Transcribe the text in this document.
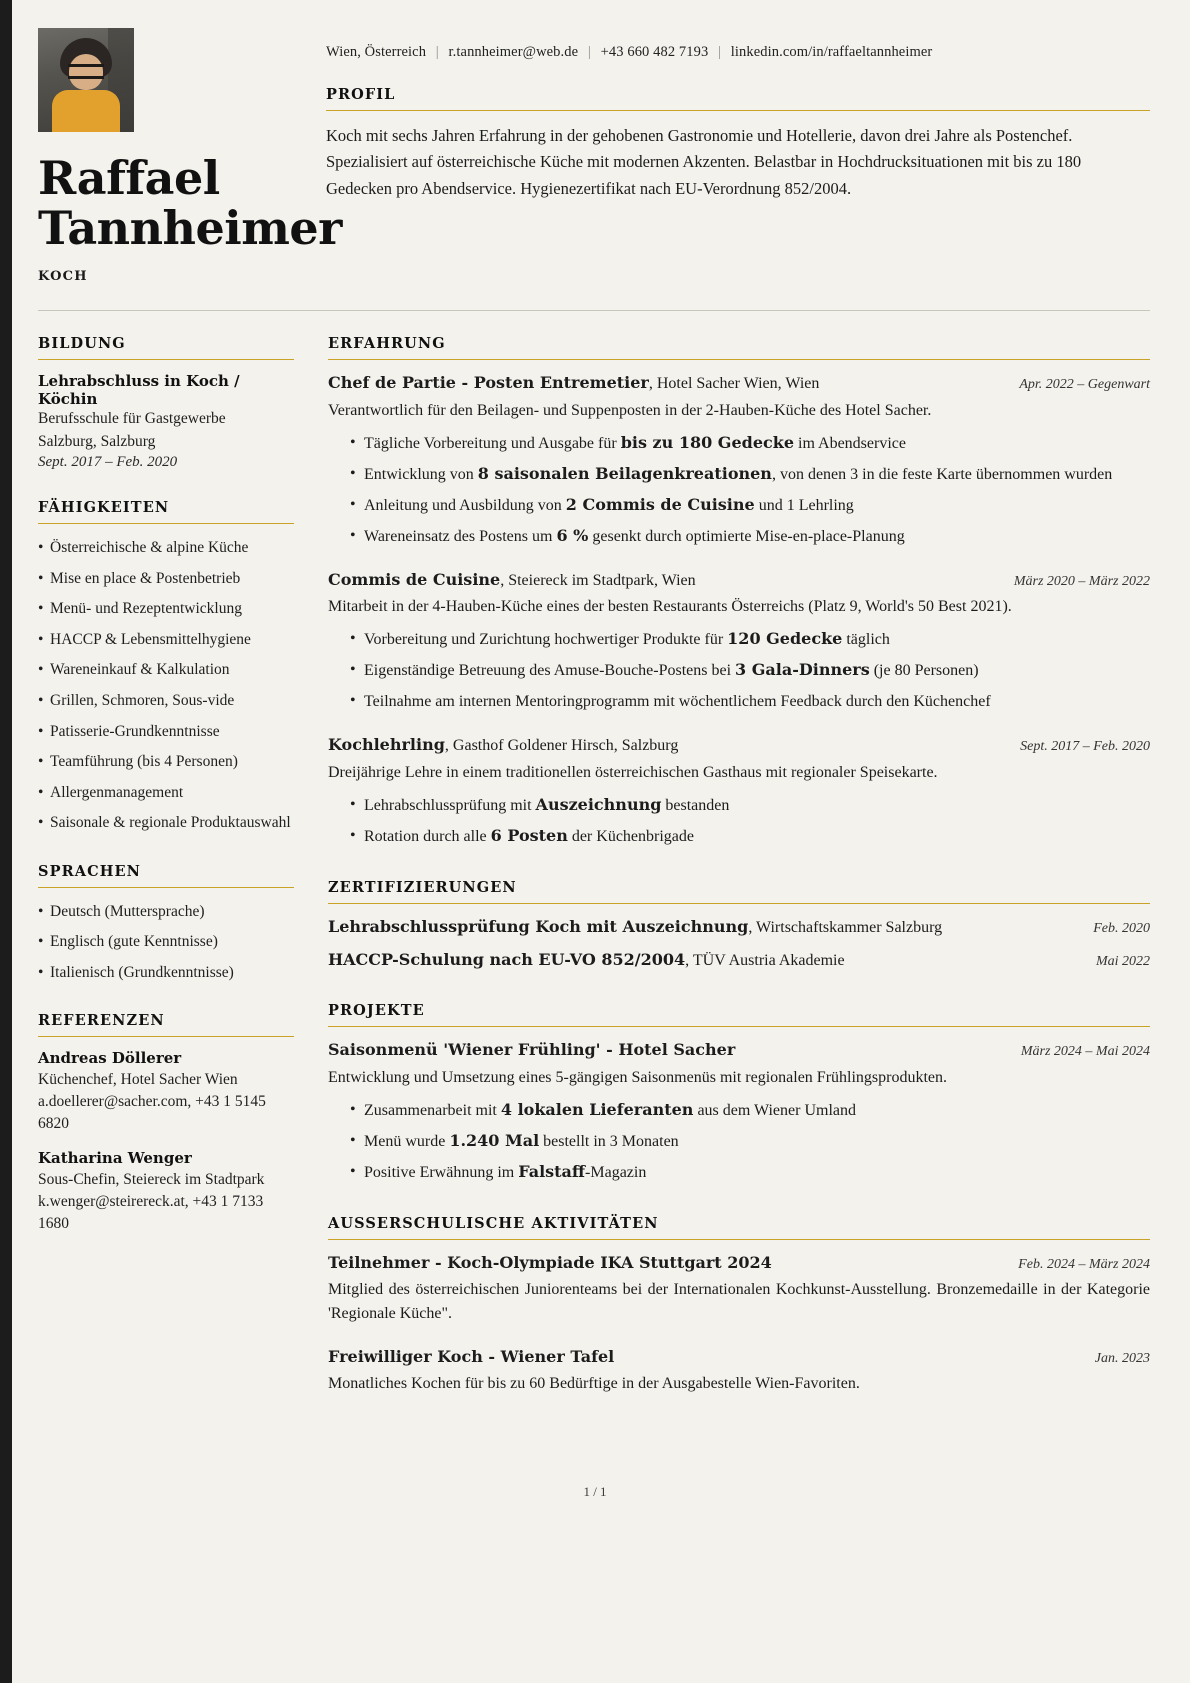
Raffael
Tannheimer
KOCH
Wien, Österreich | r.tannheimer@web.de | +43 660 482 7193 | linkedin.com/in/raffaeltannheimer
PROFIL
Koch mit sechs Jahren Erfahrung in der gehobenen Gastronomie und Hotellerie, davon drei Jahre als Postenchef. Spezialisiert auf österreichische Küche mit modernen Akzenten. Belastbar in Hochdrucksituationen mit bis zu 180 Gedecken pro Abendservice. Hygienezertifikat nach EU-Verordnung 852/2004.
BILDUNG
Lehrabschluss in Koch / Köchin
Berufsschule für Gastgewerbe
Salzburg, Salzburg
Sept. 2017 – Feb. 2020
FÄHIGKEITEN
• Österreichische & alpine Küche
• Mise en place & Postenbetrieb
• Menü- und Rezeptentwicklung
• HACCP & Lebensmittelhygiene
• Wareneinkauf & Kalkulation
• Grillen, Schmoren, Sous-vide
• Patisserie-Grundkenntnisse
• Teamführung (bis 4 Personen)
• Allergenmanagement
• Saisonale & regionale Produktauswahl
SPRACHEN
• Deutsch (Muttersprache)
• Englisch (gute Kenntnisse)
• Italienisch (Grundkenntnisse)
REFERENZEN
Andreas Döllerer
Küchenchef, Hotel Sacher Wien
a.doellerer@sacher.com, +43 1 5145 6820
Katharina Wenger
Sous-Chefin, Steiereck im Stadtpark
k.wenger@steirereck.at, +43 1 7133 1680
ERFAHRUNG
Chef de Partie - Posten Entremetier, Hotel Sacher Wien, Wien	Apr. 2022 – Gegenwart
Verantwortlich für den Beilagen- und Suppenposten in der 2-Hauben-Küche des Hotel Sacher.
• Tägliche Vorbereitung und Ausgabe für bis zu 180 Gedecke im Abendservice
• Entwicklung von 8 saisonalen Beilagenkreationen, von denen 3 in die feste Karte übernommen wurden
• Anleitung und Ausbildung von 2 Commis de Cuisine und 1 Lehrling
• Wareneinsatz des Postens um 6 % gesenkt durch optimierte Mise-en-place-Planung
Commis de Cuisine, Steiereck im Stadtpark, Wien	März 2020 – März 2022
Mitarbeit in der 4-Hauben-Küche eines der besten Restaurants Österreichs (Platz 9, World's 50 Best 2021).
• Vorbereitung und Zurichtung hochwertiger Produkte für 120 Gedecke täglich
• Eigenständige Betreuung des Amuse-Bouche-Postens bei 3 Gala-Dinners (je 80 Personen)
• Teilnahme am internen Mentoringprogramm mit wöchentlichem Feedback durch den Küchenchef
Kochlehrling, Gasthof Goldener Hirsch, Salzburg	Sept. 2017 – Feb. 2020
Dreijährige Lehre in einem traditionellen österreichischen Gasthaus mit regionaler Speisekarte.
• Lehrabschlussprüfung mit Auszeichnung bestanden
• Rotation durch alle 6 Posten der Küchenbrigade
ZERTIFIZIERUNGEN
Lehrabschlussprüfung Koch mit Auszeichnung, Wirtschaftskammer Salzburg	Feb. 2020
HACCP-Schulung nach EU-VO 852/2004, TÜV Austria Akademie	Mai 2022
PROJEKTE
Saisonmenü 'Wiener Frühling' - Hotel Sacher	März 2024 – Mai 2024
Entwicklung und Umsetzung eines 5-gängigen Saisonmenüs mit regionalen Frühlingsprodukten.
• Zusammenarbeit mit 4 lokalen Lieferanten aus dem Wiener Umland
• Menü wurde 1.240 Mal bestellt in 3 Monaten
• Positive Erwähnung im Falstaff-Magazin
AUSSERSCHULISCHE AKTIVITÄTEN
Teilnehmer - Koch-Olympiade IKA Stuttgart 2024	Feb. 2024 – März 2024
Mitglied des österreichischen Juniorenteams bei der Internationalen Kochkunst-Ausstellung. Bronzemedaille in der Kategorie 'Regionale Küche".
Freiwilliger Koch - Wiener Tafel	Jan. 2023
Monatliches Kochen für bis zu 60 Bedürftige in der Ausgabestelle Wien-Favoriten.
1 / 1
